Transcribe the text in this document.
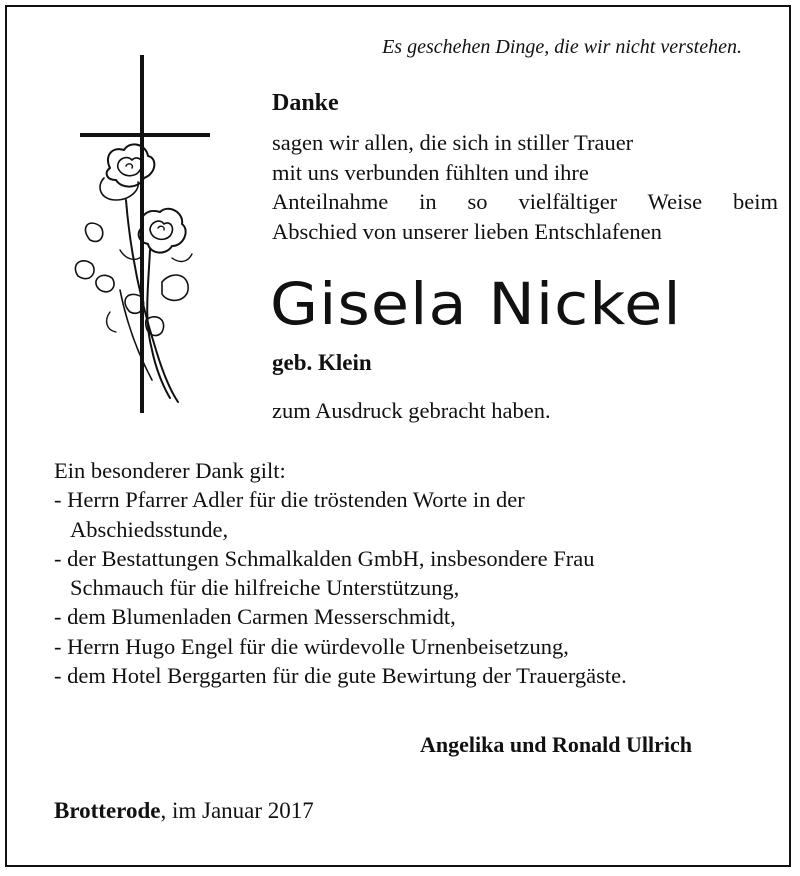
Es geschehen Dinge, die wir nicht verstehen.
Danke
sagen wir allen, die sich in stiller Trauer
mit uns verbunden fühlten und ihre
Anteilnahme in so vielfältiger Weise beim
Abschied von unserer lieben Entschlafenen
Gisela Nickel
geb. Klein
zum Ausdruck gebracht haben.
Ein besonderer Dank gilt:
- Herrn Pfarrer Adler für die tröstenden Worte in der
Abschiedsstunde,
- der Bestattungen Schmalkalden GmbH, insbesondere Frau
Schmauch für die hilfreiche Unterstützung,
- dem Blumenladen Carmen Messerschmidt,
- Herrn Hugo Engel für die würdevolle Urnenbeisetzung,
- dem Hotel Berggarten für die gute Bewirtung der Trauergäste.
Angelika und Ronald Ullrich
Brotterode, im Januar 2017
